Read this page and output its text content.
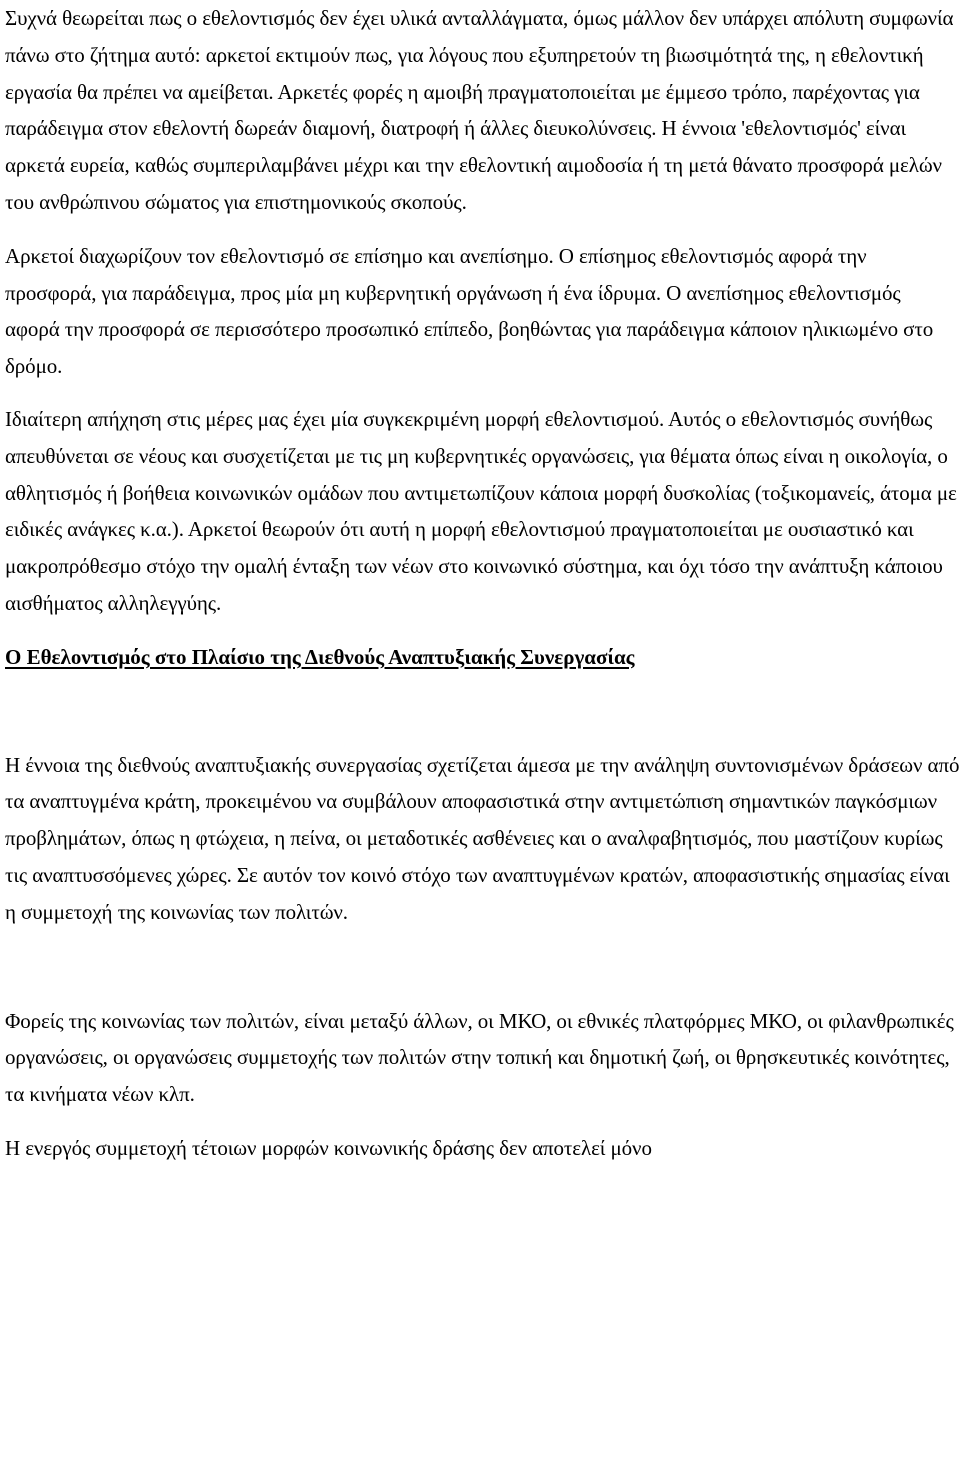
Συχνά θεωρείται πως ο εθελοντισμός δεν έχει υλικά ανταλλάγματα, όμως μάλλον δεν υπάρχει απόλυτη συμφωνία πάνω στο ζήτημα αυτό: αρκετοί εκτιμούν πως, για λόγους που εξυπηρετούν τη βιωσιμότητά της, η εθελοντική εργασία θα πρέπει να αμείβεται. Αρκετές φορές η αμοιβή πραγματοποιείται με έμμεσο τρόπο, παρέχοντας για παράδειγμα στον εθελοντή δωρεάν διαμονή, διατροφή ή άλλες διευκολύνσεις. Η έννοια 'εθελοντισμός' είναι αρκετά ευρεία, καθώς συμπεριλαμβάνει μέχρι και την εθελοντική αιμοδοσία ή τη μετά θάνατο προσφορά μελών του ανθρώπινου σώματος για επιστημονικούς σκοπούς.

Αρκετοί διαχωρίζουν τον εθελοντισμό σε επίσημο και ανεπίσημο. Ο επίσημος εθελοντισμός αφορά την προσφορά, για παράδειγμα, προς μία μη κυβερνητική οργάνωση ή ένα ίδρυμα. Ο ανεπίσημος εθελοντισμός αφορά την προσφορά σε περισσότερο προσωπικό επίπεδο, βοηθώντας για παράδειγμα κάποιον ηλικιωμένο στο δρόμο.

Ιδιαίτερη απήχηση στις μέρες μας έχει μία συγκεκριμένη μορφή εθελοντισμού. Αυτός ο εθελοντισμός συνήθως απευθύνεται σε νέους και συσχετίζεται με τις μη κυβερνητικές οργανώσεις, για θέματα όπως είναι η οικολογία, ο αθλητισμός ή βοήθεια κοινωνικών ομάδων που αντιμετωπίζουν κάποια μορφή δυσκολίας (τοξικομανείς, άτομα με ειδικές ανάγκες κ.α.). Αρκετοί θεωρούν ότι αυτή η μορφή εθελοντισμού πραγματοποιείται με ουσιαστικό και μακροπρόθεσμο στόχο την ομαλή ένταξη των νέων στο κοινωνικό σύστημα, και όχι τόσο την ανάπτυξη κάποιου αισθήματος αλληλεγγύης.

Ο Εθελοντισμός στο Πλαίσιο της Διεθνούς Αναπτυξιακής Συνεργασίας

Η έννοια της διεθνούς αναπτυξιακής συνεργασίας σχετίζεται άμεσα με την ανάληψη συντονισμένων δράσεων από τα αναπτυγμένα κράτη, προκειμένου να συμβάλουν αποφασιστικά στην αντιμετώπιση σημαντικών παγκόσμιων προβλημάτων, όπως η φτώχεια, η πείνα, οι μεταδοτικές ασθένειες και ο αναλφαβητισμός, που μαστίζουν κυρίως τις αναπτυσσόμενες χώρες. Σε αυτόν τον κοινό στόχο των αναπτυγμένων κρατών, αποφασιστικής σημασίας είναι η συμμετοχή της κοινωνίας των πολιτών.

Φορείς της κοινωνίας των πολιτών, είναι μεταξύ άλλων, οι ΜΚΟ, οι εθνικές πλατφόρμες ΜΚΟ, οι φιλανθρωπικές οργανώσεις, οι οργανώσεις συμμετοχής των πολιτών στην τοπική και δημοτική ζωή, οι θρησκευτικές κοινότητες, τα κινήματα νέων κλπ.

Η ενεργός συμμετοχή τέτοιων μορφών κοινωνικής δράσης δεν αποτελεί μόνο
